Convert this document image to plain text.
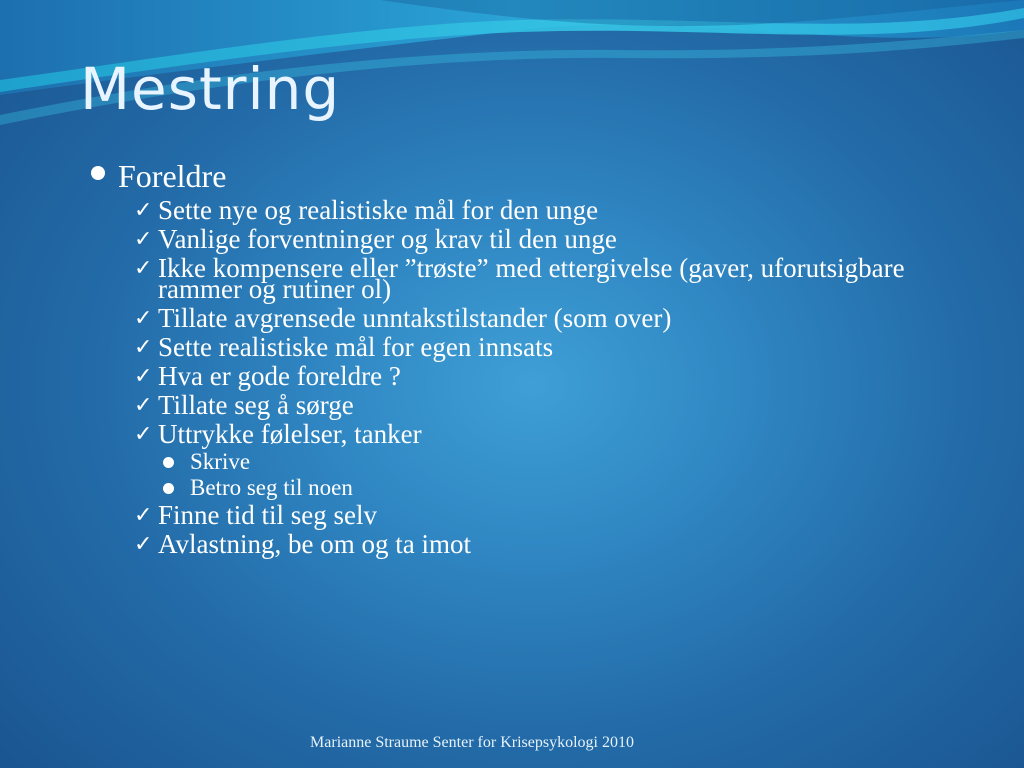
Mestring
Foreldre
✓ Sette nye og realistiske mål for den unge
✓ Vanlige forventninger og krav til den unge
✓ Ikke kompensere eller ”trøste” med ettergivelse (gaver, uforutsigbare rammer og rutiner ol)
✓ Tillate avgrensede unntakstilstander (som over)
✓ Sette realistiske mål for egen innsats
✓ Hva er gode foreldre ?
✓ Tillate seg å sørge
✓ Uttrykke følelser, tanker
Skrive
Betro seg til noen
✓ Finne tid til seg selv
✓ Avlastning, be om og ta imot
Marianne Straume Senter for Krisepsykologi 2010
